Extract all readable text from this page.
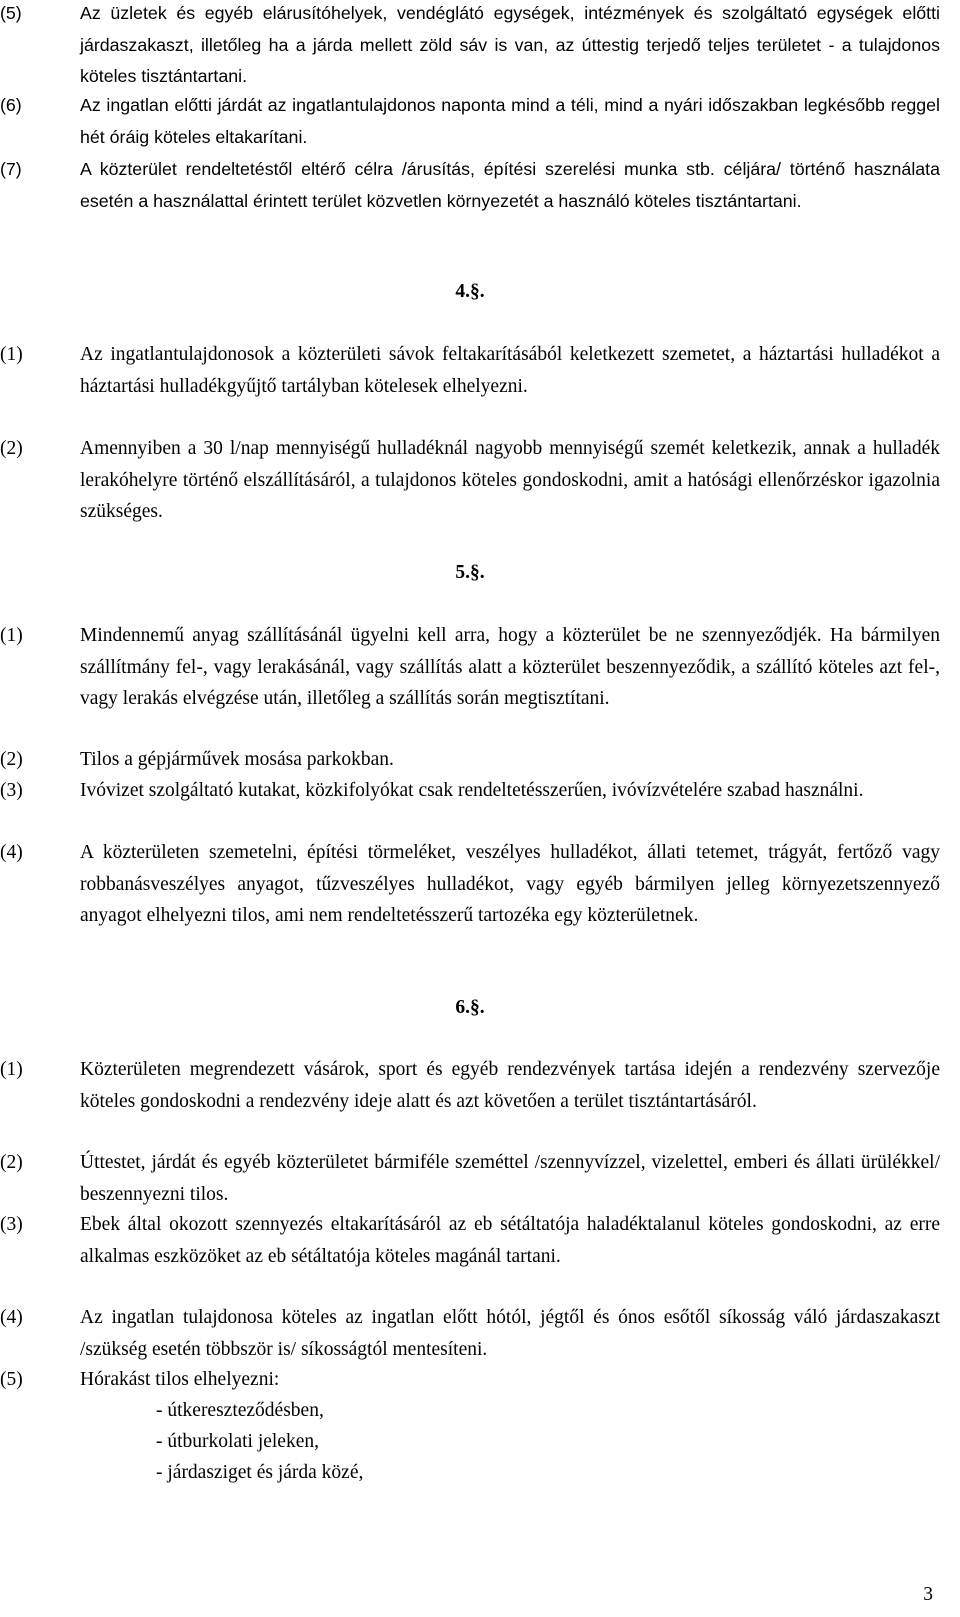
(5)	Az üzletek és egyéb elárusítóhelyek, vendéglátó egységek, intézmények és szolgáltató egységek előtti járdaszakaszt, illetőleg ha a járda mellett zöld sáv is van, az úttestig terjedő teljes területet - a tulajdonos köteles tisztántartani.
(6)	Az ingatlan előtti járdát az ingatlantulajdonos naponta mind a téli, mind a nyári időszakban legkésőbb reggel hét óráig köteles eltakarítani.
(7)	A közterület rendeltetéstől eltérő célra /árusítás, építési szerelési munka stb. céljára/ történő használata esetén a használattal érintett terület közvetlen környezetét a használó köteles tisztántartani.
4.§.
(1)	Az ingatlantulajdonosok a közterületi sávok feltakarításából keletkezett szemetet, a háztartási hulladékot a háztartási hulladékgyűjtő tartályban kötelesek elhelyezni.
(2)	Amennyiben a 30 l/nap mennyiségű hulladéknál nagyobb mennyiségű szemét keletkezik, annak a hulladék lerakóhelyre történő elszállításáról, a tulajdonos köteles gondoskodni, amit a hatósági ellenőrzéskor igazolnia szükséges.
5.§.
(1)	Mindennemű anyag szállításánál ügyelni kell arra, hogy a közterület be ne szennyeződjék. Ha bármilyen szállítmány fel-, vagy lerakásánál, vagy szállítás alatt a közterület beszennyeződik, a szállító köteles azt fel-, vagy lerakás elvégzése után, illetőleg a szállítás során megtisztítani.
(2)	Tilos a gépjárművek mosása parkokban.
(3)	Ivóvizet szolgáltató kutakat, közkifolyókat csak rendeltetésszerűen, ivóvízvételére szabad használni.
(4)	A közterületen szemetelni, építési törmeléket, veszélyes hulladékot, állati tetemet, trágyát, fertőző vagy robbanásveszélyes anyagot, tűzveszélyes hulladékot, vagy egyéb bármilyen jelleg környezetszennyező anyagot elhelyezni tilos, ami nem rendeltetésszerű tartozéka egy közterületnek.
6.§.
(1)	Közterületen megrendezett vásárok, sport és egyéb rendezvények tartása idején a rendezvény szervezője köteles gondoskodni a rendezvény ideje alatt és azt követően a terület tisztántartásáról.
(2)	Úttestet, járdát és egyéb közterületet bármiféle szeméttel /szennyvízzel, vizelettel, emberi és állati ürülékkel/ beszennyezni tilos.
(3)	Ebek által okozott szennyezés eltakarításáról az eb sétáltatója haladéktalanul köteles gondoskodni, az erre alkalmas eszközöket az eb sétáltatója köteles magánál tartani.
(4)	Az ingatlan tulajdonosa köteles az ingatlan előtt hótól, jégtől és ónos esőtől síkosság váló járdaszakaszt /szükség esetén többször is/ síkosságtól mentesíteni.
(5)	Hórakást tilos elhelyezni:
- útkereszteződésben,
- útburkolati jeleken,
- járdasziget és járda közé,
3
